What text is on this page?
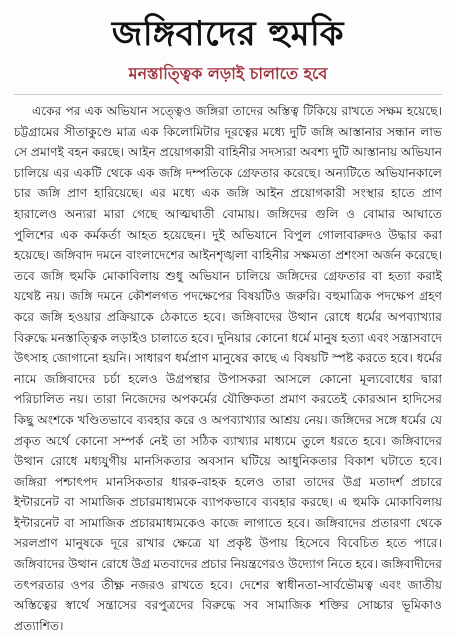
জঙ্গিবাদের হুমকি
মনস্তাত্ত্বিক লড়াই চালাতে হবে

একের পর এক অভিযান সত্ত্বেও জঙ্গিরা তাদের অস্তিত্ব টিকিয়ে রাখতে সক্ষম হয়েছে। চট্টগ্রামের সীতাকুণ্ডে মাত্র এক কিলোমিটার দূরত্বের মধ্যে দুটি জঙ্গি আস্তানার সন্ধান লাভ সে প্রমাণই বহন করছে। আইন প্রয়োগকারী বাহিনীর সদস্যরা অবশ্য দুটি আস্তানায় অভিযান চালিয়ে এর একটি থেকে এক জঙ্গি দম্পতিকে গ্রেফতার করেছে। অন্যটিতে অভিযানকালে চার জঙ্গি প্রাণ হারিয়েছে। এর মধ্যে এক জঙ্গি আইন প্রয়োগকারী সংস্থার হাতে প্রাণ হারালেও অন্যরা মারা গেছে আত্মঘাতী বোমায়। জঙ্গিদের গুলি ও বোমার আঘাতে পুলিশের এক কর্মকর্তা আহত হয়েছেন। দুই অভিযানে বিপুল গোলাবারুদও উদ্ধার করা হয়েছে। জঙ্গিবাদ দমনে বাংলাদেশের আইনশৃঙ্খলা বাহিনীর সক্ষমতা প্রশংসা অর্জন করেছে। তবে জঙ্গি হুমকি মোকাবিলায় শুধু অভিযান চালিয়ে জঙ্গিদের গ্রেফতার বা হত্যা করাই যথেষ্ট নয়। জঙ্গি দমনে কৌশলগত পদক্ষেপের বিষয়টিও জরুরি। বহুমাত্রিক পদক্ষেপ গ্রহণ করে জঙ্গি হওয়ার প্রক্রিয়াকে ঠেকাতে হবে। জঙ্গিবাদের উত্থান রোধে ধর্মের অপব্যাখ্যার বিরুদ্ধে মনস্তাত্ত্বিক লড়াইও চালাতে হবে। দুনিয়ার কোনো ধর্মে মানুষ হত্যা এবং সন্ত্রাসবাদে উৎসাহ জোগানো হয়নি। সাধারণ ধর্মপ্রাণ মানুষের কাছে এ বিষয়টি স্পষ্ট করতে হবে। ধর্মের নামে জঙ্গিবাদের চর্চা হলেও উগ্রপন্থার উপাসকরা আসলে কোনো মূল্যবোধের দ্বারা পরিচালিত নয়। তারা নিজেদের অপকর্মের যৌক্তিকতা প্রমাণ করতেই কোরআন হাদিসের কিছু অংশকে খণ্ডিতভাবে ব্যবহার করে ও অপব্যাখ্যার আশ্রয় নেয়। জঙ্গিদের সঙ্গে ধর্মের যে প্রকৃত অর্থে কোনো সম্পর্ক নেই তা সঠিক ব্যাখ্যার মাধ্যমে তুলে ধরতে হবে। জঙ্গিবাদের উত্থান রোধে মধ্যযুগীয় মানসিকতার অবসান ঘটিয়ে আধুনিকতার বিকাশ ঘটাতে হবে। জঙ্গিরা পশ্চাৎপদ মানসিকতার ধারক-বাহক হলেও তারা তাদের উগ্র মতাদর্শ প্রচারে ইন্টারনেট বা সামাজিক প্রচারমাধ্যমকে ব্যাপকভাবে ব্যবহার করছে। এ হুমকি মোকাবিলায় ইন্টারনেট বা সামাজিক প্রচারমাধ্যমকেও কাজে লাগাতে হবে। জঙ্গিবাদের প্রতারণা থেকে সরলপ্রাণ মানুষকে দূরে রাখার ক্ষেত্রে যা প্রকৃষ্ট উপায় হিসেবে বিবেচিত হতে পারে। জঙ্গিবাদের উত্থান রোধে উগ্র মতবাদের প্রচার নিয়ন্ত্রণেরও উদ্যোগ নিতে হবে। জঙ্গিবাদীদের তৎপরতার ওপর তীক্ষ্ণ নজরও রাখতে হবে। দেশের স্বাধীনতা-সার্বভৌমত্ব এবং জাতীয় অস্তিত্বের স্বার্থে সন্ত্রাসের বরপুত্রদের বিরুদ্ধে সব সামাজিক শক্তির সোচ্চার ভূমিকাও প্রত্যাশিত।
